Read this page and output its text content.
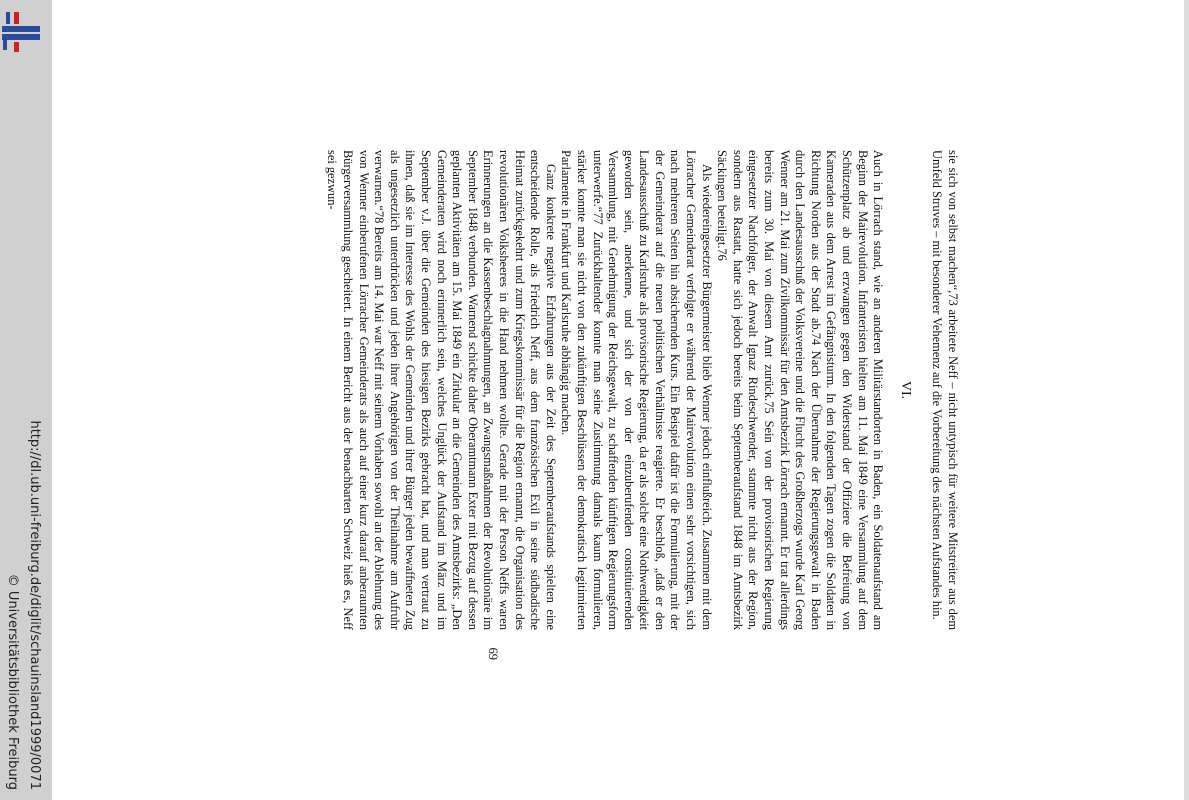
http://dl.ub.uni-freiburg.de/diglit/schauinsland1999/0071
© Universitätsbibliothek Freiburg

sie sich von selbst machen“,73 arbeitete Neff – nicht untypisch für weitere Mitstreiter aus dem Umfeld Struves – mit besonderer Vehemenz auf die Vorbereitung des nächsten Aufstandes hin.

VI.

Auch in Lörrach stand, wie an anderen Militärstandorten in Baden, ein Soldatenaufstand am Beginn der Mairevolution. Infanteristen hielten am 11. Mai 1849 eine Versammlung auf dem Schützenplatz ab und erzwangen gegen den Widerstand der Offiziere die Befreiung von Kameraden aus dem Arrest im Gefängnisturm. In den folgenden Tagen zogen die Soldaten in Richtung Norden aus der Stadt ab.74 Nach der Übernahme der Regierungsgewalt in Baden durch den Landesausschuß der Volksvereine und die Flucht des Großherzogs wurde Karl Georg Wenner am 21. Mai zum Zivilkommissär für den Amtsbezirk Lörrach ernannt. Er trat allerdings bereits zum 30. Mai von diesem Amt zurück.75 Sein von der provisorischen Regierung eingesetzter Nachfolger, der Anwalt Ignaz Rindeschwender, stammte nicht aus der Region, sondern aus Rastatt, hatte sich jedoch bereits beim Septemberaufstand 1848 im Amtsbezirk Säckingen beteiligt.76

Als wiedereingesetzter Bürgermeister blieb Wenner jedoch einflußreich. Zusammen mit dem Lörracher Gemeinderat verfolgte er während der Mairevolution einen sehr vorsichtigen, sich nach mehreren Seiten hin absichernden Kurs. Ein Beispiel dafür ist die Formulierung, mit der der Gemeinderat auf die neuen politischen Verhältnisse reagierte. Er beschloß, „daß er den Landesausschuß zu Karlsruhe als provisorische Regierung, da er als solche eine Nothwendigkeit geworden sein, anerkenne, und sich der von der einzuberufenden constituierenden Versammlung, mit Genehmigung der Reichsgewalt, zu schaffenden künftigen Regierungsform unterwerfe.“77 Zurückhaltender konnte man seine Zustimmung damals kaum formulieren, stärker konnte man sie nicht von den zukünftigen Beschlüssen der demokratisch legitimierten Parlamente in Frankfurt und Karlsruhe abhängig machen.

Ganz konkrete negative Erfahrungen aus der Zeit des Septemberaufstands spielten eine entscheidende Rolle, als Friedrich Neff, aus dem französischen Exil in seine südbadische Heimat zurückgekehrt und zum Kriegskommissär für die Region ernannt, die Organisation des revolutionären Volksheeres in die Hand nehmen wollte. Gerade mit der Person Neffs waren Erinnerungen an die Kassenbeschlagnahmungen, an Zwangsmaßnahmen der Revolutionäre im September 1848 verbunden. Warnend schickte daher Oberamtmann Exter mit Bezug auf dessen geplanten Aktivitäten am 15. Mai 1849 ein Zirkular an die Gemeinden des Amtsbezirks: „Den Gemeinderaten wird noch erinnerlich sein, welches Unglück der Aufstand im März und im September v.J. über die Gemeinden des hiesigen Bezirks gebracht hat, und man vertraut zu ihnen, daß sie im Interesse des Wohls der Gemeinden und ihrer Bürger jeden bewaffneten Zug als ungesetzlich unterdrücken und jeden ihrer Angehörigen von der Theilnahme am Aufruhr verwarnen.“78 Bereits am 14. Mai war Neff mit seinem Vorhaben sowohl an der Ablehnung des von Wenner einberufenen Lörracher Gemeinderats als auch auf einer kurz darauf anberaumten Bürgerversammlung gescheitert. In einem Bericht aus der benachbarten Schweiz hieß es, Neff sei gezwun-

69
